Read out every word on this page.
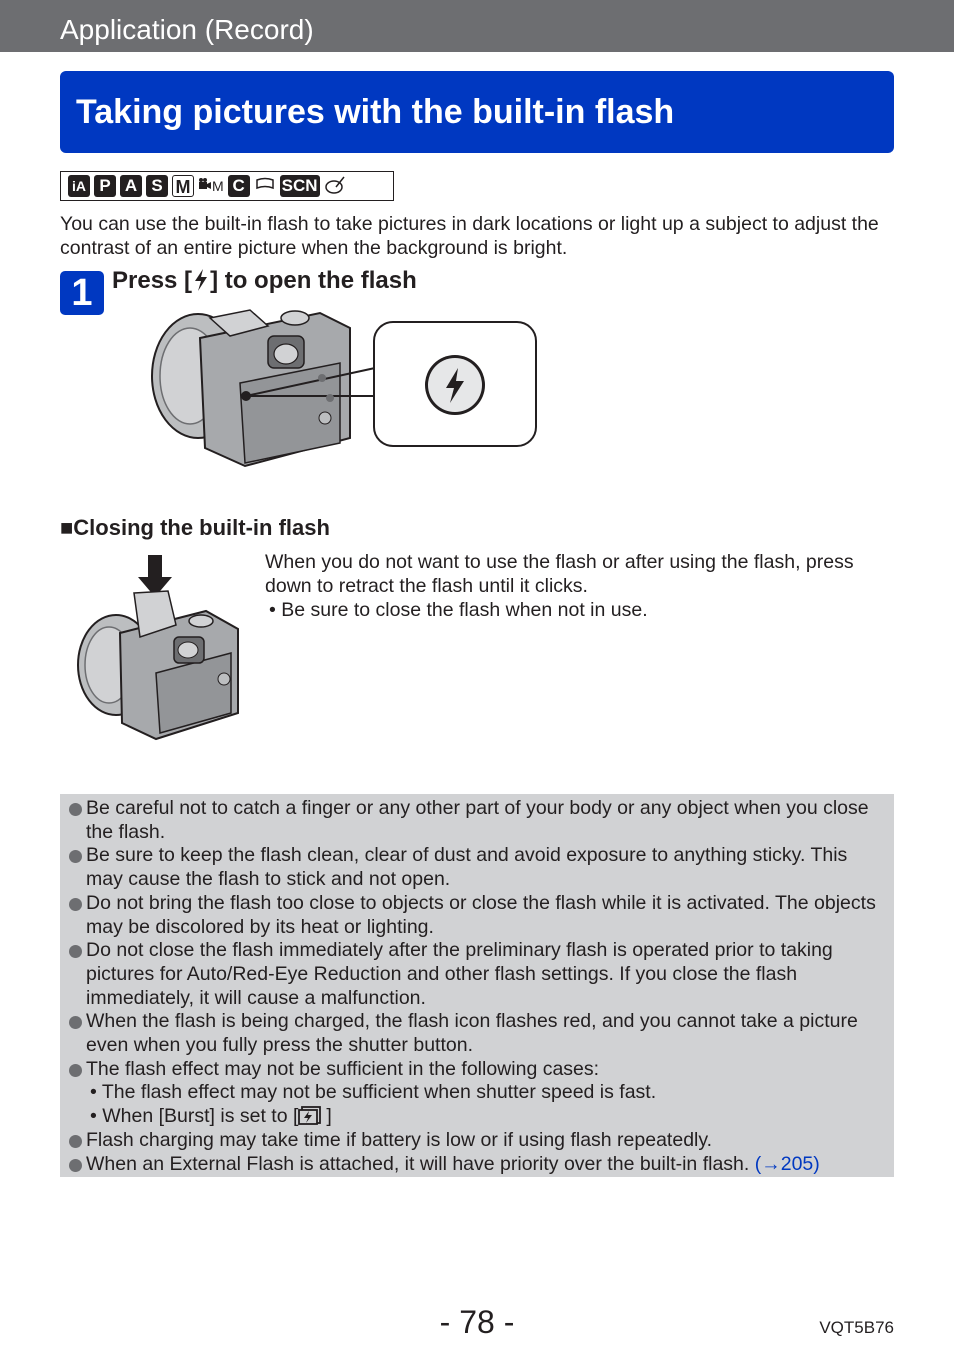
Application (Record)
Taking pictures with the built-in flash
iA P A S M	M C SCN
You can use the built-in flash to take pictures in dark locations or light up a subject to adjust the contrast of an entire picture when the background is bright.
1 Press [ ] to open the flash
■Closing the built-in flash
When you do not want to use the flash or after using the flash, press down to retract the flash until it clicks.
• Be sure to close the flash when not in use.
Be careful not to catch a finger or any other part of your body or any object when you close the flash.
Be sure to keep the flash clean, clear of dust and avoid exposure to anything sticky. This may cause the flash to stick and not open.
Do not bring the flash too close to objects or close the flash while it is activated. The objects may be discolored by its heat or lighting.
Do not close the flash immediately after the preliminary flash is operated prior to taking pictures for Auto/Red-Eye Reduction and other flash settings. If you close the flash immediately, it will cause a malfunction.
When the flash is being charged, the flash icon flashes red, and you cannot take a picture even when you fully press the shutter button.
The flash effect may not be sufficient in the following cases:
• The flash effect may not be sufficient when shutter speed is fast.
• When [Burst] is set to [ ]
Flash charging may take time if battery is low or if using flash repeatedly.
When an External Flash is attached, it will have priority over the built-in flash. (→205)
- 78 -	VQT5B76
